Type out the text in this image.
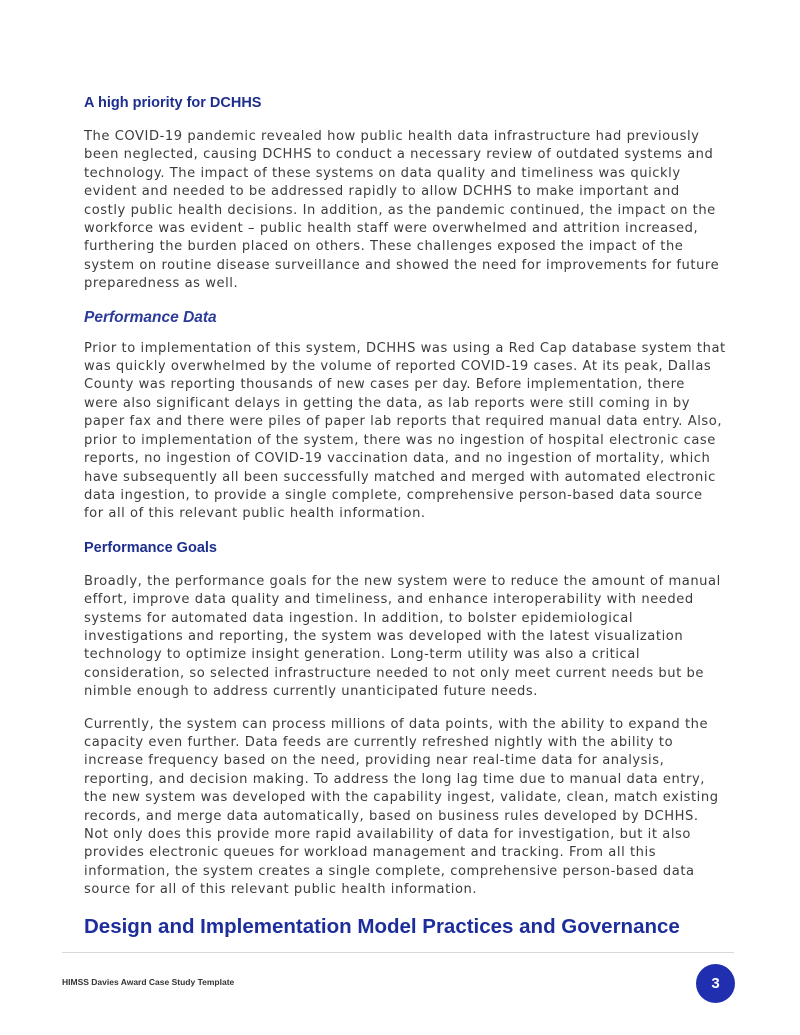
A high priority for DCHHS

The COVID-19 pandemic revealed how public health data infrastructure had previously
been neglected, causing DCHHS to conduct a necessary review of outdated systems and
technology. The impact of these systems on data quality and timeliness was quickly
evident and needed to be addressed rapidly to allow DCHHS to make important and
costly public health decisions. In addition, as the pandemic continued, the impact on the
workforce was evident – public health staff were overwhelmed and attrition increased,
furthering the burden placed on others. These challenges exposed the impact of the
system on routine disease surveillance and showed the need for improvements for future
preparedness as well.

Performance Data

Prior to implementation of this system, DCHHS was using a Red Cap database system that
was quickly overwhelmed by the volume of reported COVID-19 cases. At its peak, Dallas
County was reporting thousands of new cases per day. Before implementation, there
were also significant delays in getting the data, as lab reports were still coming in by
paper fax and there were piles of paper lab reports that required manual data entry. Also,
prior to implementation of the system, there was no ingestion of hospital electronic case
reports, no ingestion of COVID-19 vaccination data, and no ingestion of mortality, which
have subsequently all been successfully matched and merged with automated electronic
data ingestion, to provide a single complete, comprehensive person-based data source
for all of this relevant public health information.

Performance Goals

Broadly, the performance goals for the new system were to reduce the amount of manual
effort, improve data quality and timeliness, and enhance interoperability with needed
systems for automated data ingestion. In addition, to bolster epidemiological
investigations and reporting, the system was developed with the latest visualization
technology to optimize insight generation. Long-term utility was also a critical
consideration, so selected infrastructure needed to not only meet current needs but be
nimble enough to address currently unanticipated future needs.

Currently, the system can process millions of data points, with the ability to expand the
capacity even further. Data feeds are currently refreshed nightly with the ability to
increase frequency based on the need, providing near real-time data for analysis,
reporting, and decision making. To address the long lag time due to manual data entry,
the new system was developed with the capability ingest, validate, clean, match existing
records, and merge data automatically, based on business rules developed by DCHHS.
Not only does this provide more rapid availability of data for investigation, but it also
provides electronic queues for workload management and tracking. From all this
information, the system creates a single complete, comprehensive person-based data
source for all of this relevant public health information.

Design and Implementation Model Practices and Governance
HIMSS Davies Award Case Study Template	3
